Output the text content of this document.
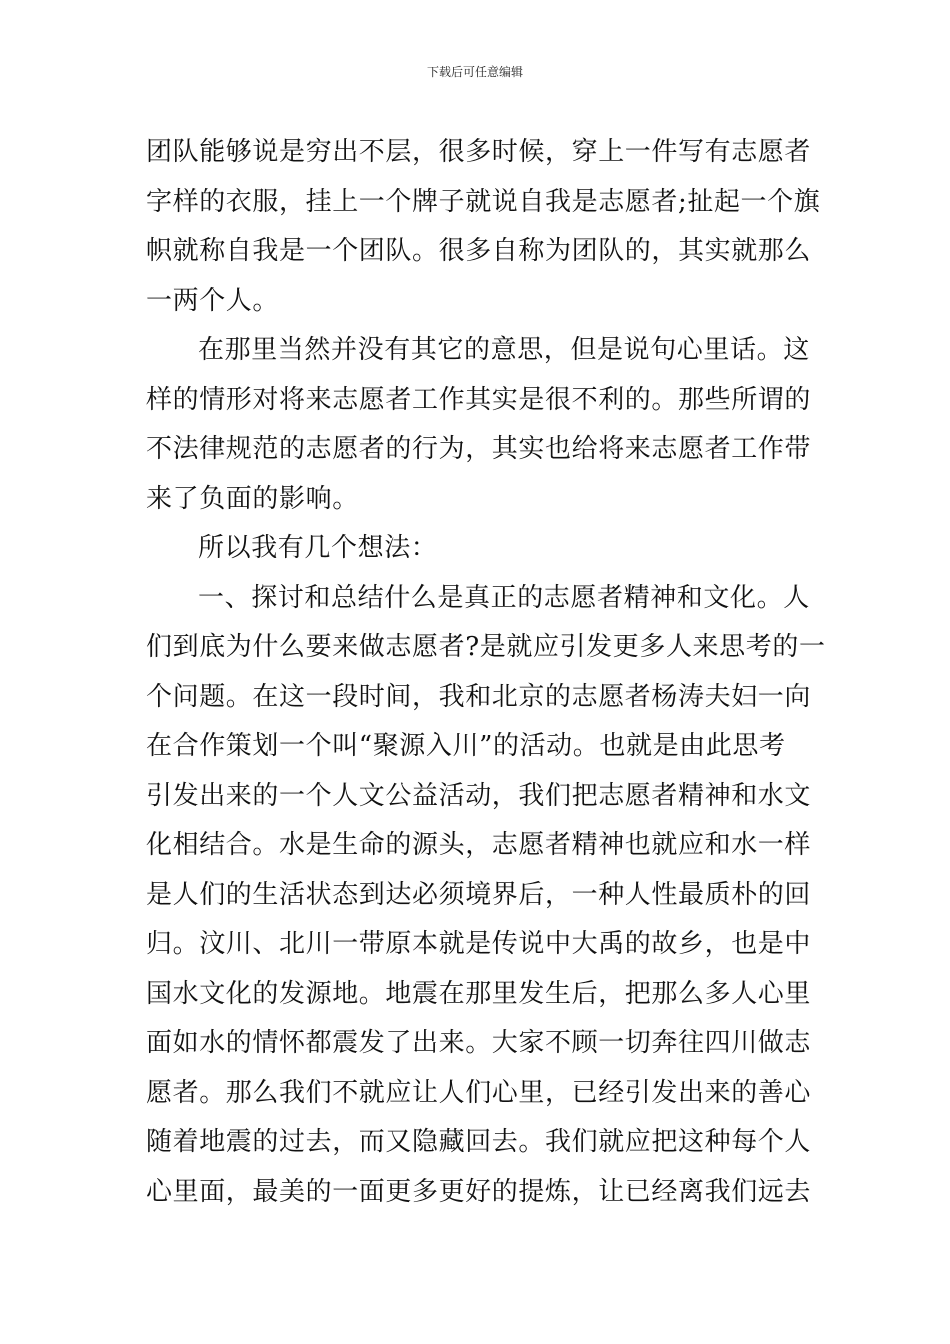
下载后可任意编辑
团队能够说是穷出不层，很多时候，穿上一件写有志愿者
字样的衣服，挂上一个牌子就说自我是志愿者;扯起一个旗
帜就称自我是一个团队。很多自称为团队的，其实就那么
一两个人。
在那里当然并没有其它的意思，但是说句心里话。这
样的情形对将来志愿者工作其实是很不利的。那些所谓的
不法律规范的志愿者的行为，其实也给将来志愿者工作带
来了负面的影响。
所以我有几个想法：
一、探讨和总结什么是真正的志愿者精神和文化。人
们到底为什么要来做志愿者?是就应引发更多人来思考的一
个问题。在这一段时间，我和北京的志愿者杨涛夫妇一向
在合作策划一个叫“聚源入川”的活动。也就是由此思考
引发出来的一个人文公益活动，我们把志愿者精神和水文
化相结合。水是生命的源头，志愿者精神也就应和水一样
是人们的生活状态到达必须境界后，一种人性最质朴的回
归。汶川、北川一带原本就是传说中大禹的故乡，也是中
国水文化的发源地。地震在那里发生后，把那么多人心里
面如水的情怀都震发了出来。大家不顾一切奔往四川做志
愿者。那么我们不就应让人们心里，已经引发出来的善心
随着地震的过去，而又隐藏回去。我们就应把这种每个人
心里面，最美的一面更多更好的提炼，让已经离我们远去
